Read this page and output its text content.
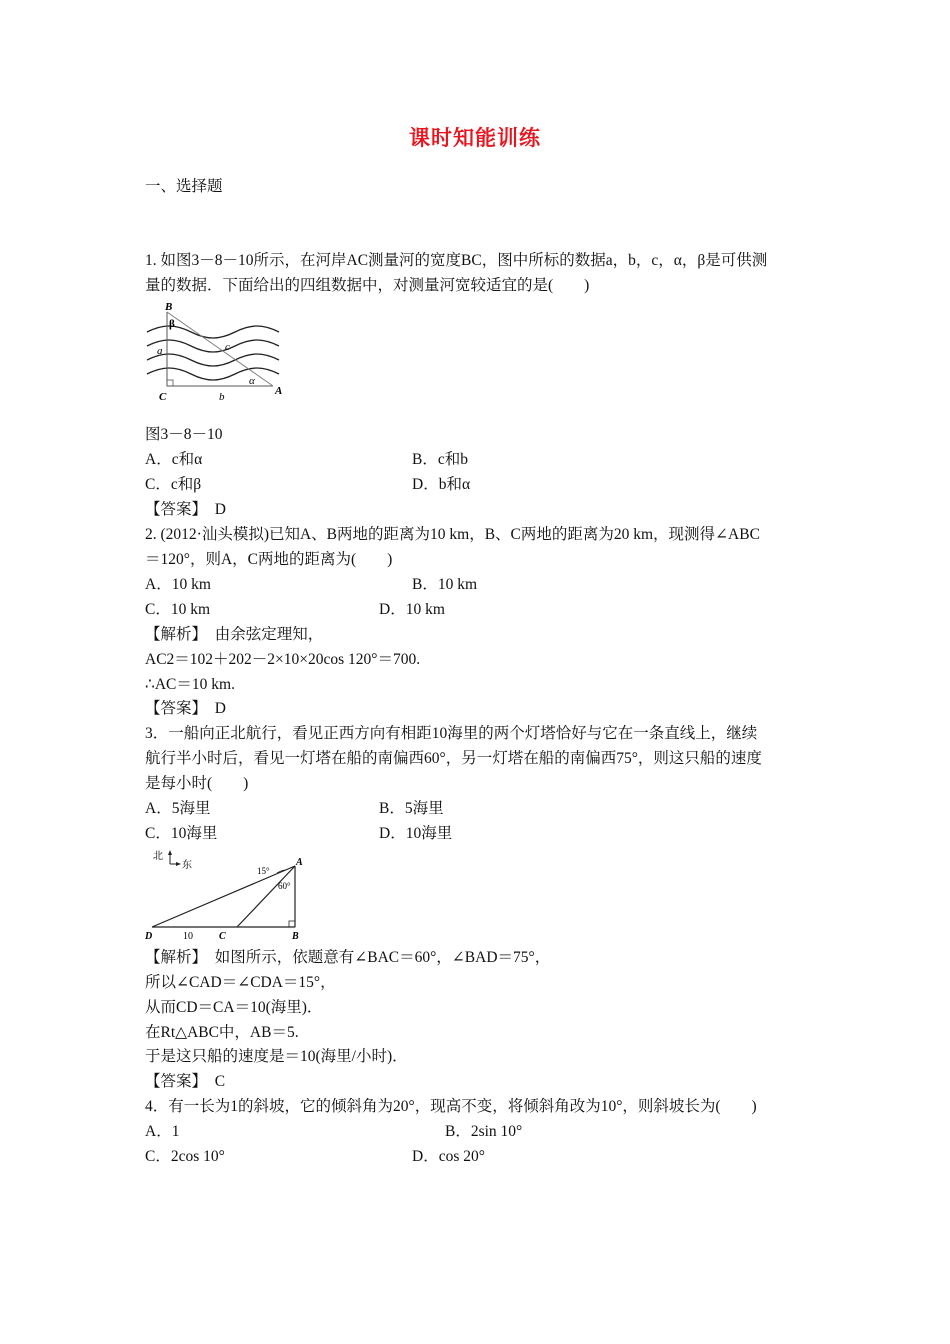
课时知能训练
一、选择题
1. 如图3－8－10所示，在河岸AC测量河的宽度BC，图中所标的数据a，b，c，α，β是可供测
量的数据．下面给出的四组数据中，对测量河宽较适宜的是(　　)
B
β
a	c
α
A
C	b
图3－8－10
A．c和α	B．c和b
C．c和β	D．b和α
【答案】　D
2. (2012·汕头模拟)已知A、B两地的距离为10 km，B、C两地的距离为20 km，现测得∠ABC
＝120°，则A，C两地的距离为(　　)
A．10 km	B．10 km
C．10 km	D．10 km
【解析】　由余弦定理知，
AC2＝102＋202－2×10×20cos 120°＝700.
∴AC＝10 km.
【答案】　D
3．一船向正北航行，看见正西方向有相距10海里的两个灯塔恰好与它在一条直线上，继续
航行半小时后，看见一灯塔在船的南偏西60°，另一灯塔在船的南偏西75°，则这只船的速度
是每小时(　　)
A．5海里	B．5海里
C．10海里	D．10海里
北
东	A
15°
60°
D	10	C	B
【解析】　如图所示，依题意有∠BAC＝60°，∠BAD＝75°，
所以∠CAD＝∠CDA＝15°，
从而CD＝CA＝10(海里)．
在Rt△ABC中，AB＝5.
于是这只船的速度是＝10(海里/小时)．
【答案】　C
4．有一长为1的斜坡，它的倾斜角为20°，现高不变，将倾斜角改为10°，则斜坡长为(　　)
A．1	B．2sin 10°
C．2cos 10°	D．cos 20°
